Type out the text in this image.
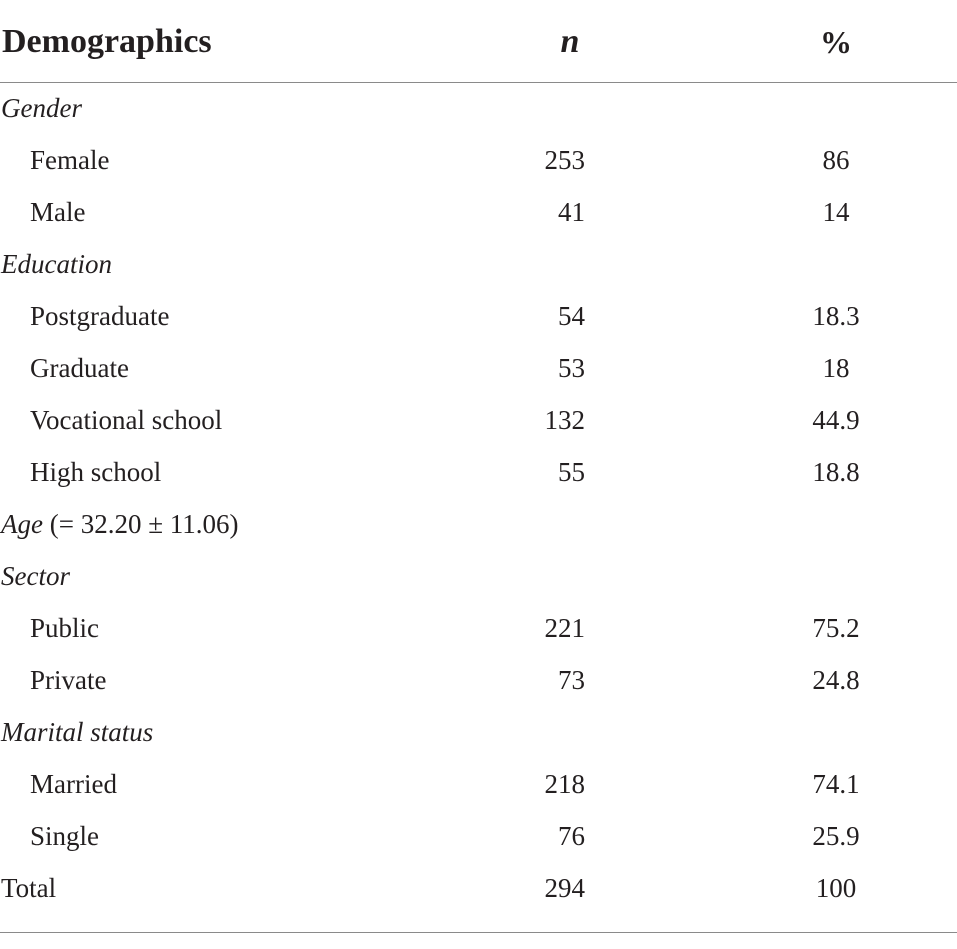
Demographics	n	%
Gender
Female	253	86
Male	41	14
Education
Postgraduate	54	18.3
Graduate	53	18
Vocational school	132	44.9
High school	55	18.8
Age (= 32.20 ± 11.06)
Sector
Public	221	75.2
Private	73	24.8
Marital status
Married	218	74.1
Single	76	25.9
Total	294	100
